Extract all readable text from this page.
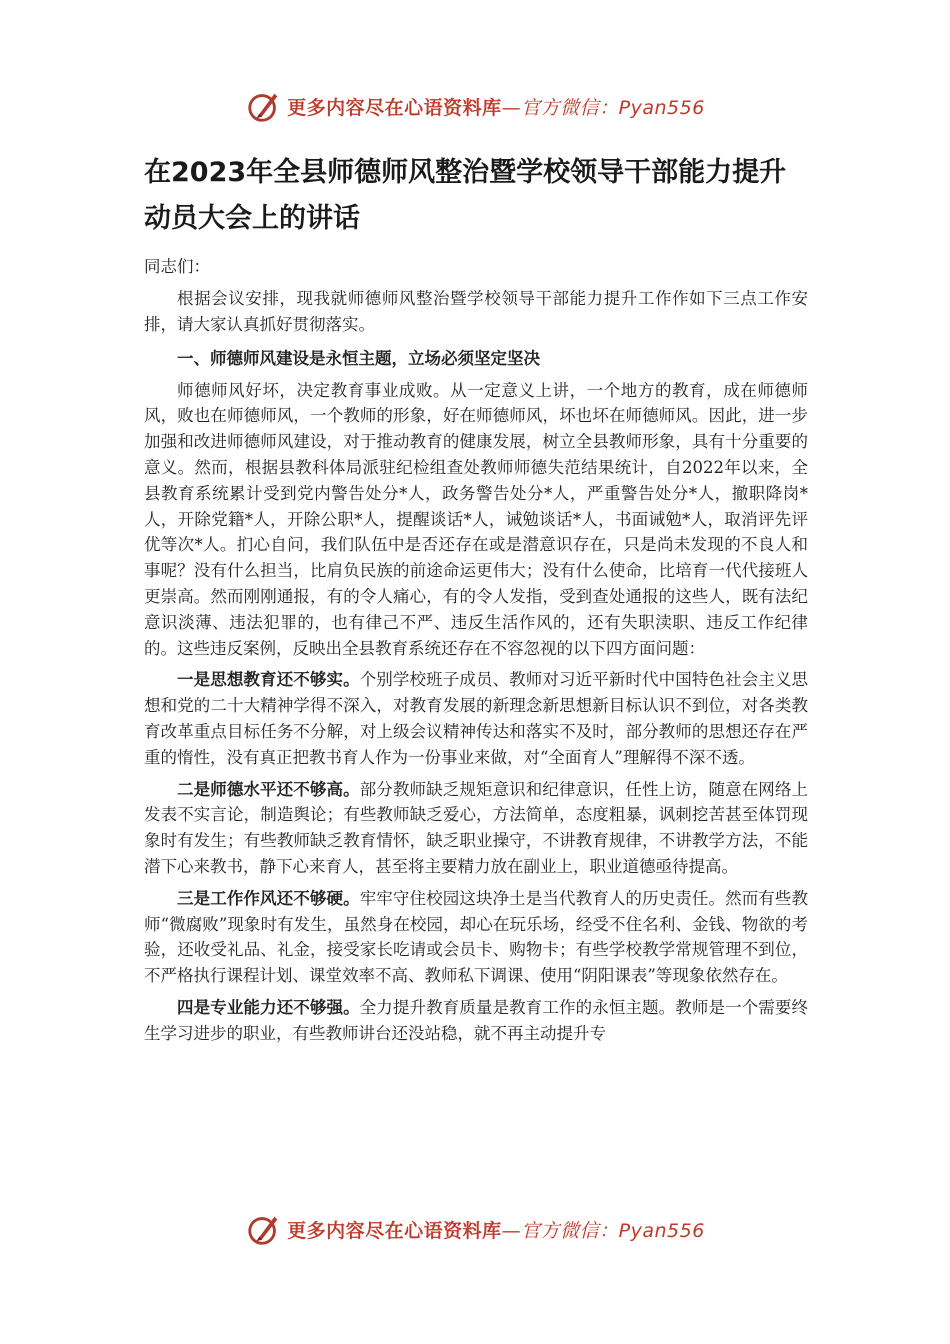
更多内容尽在心语资料库—官方微信：Pyan556
在2023年全县师德师风整治暨学校领导干部能力提升动员大会上的讲话

同志们：

根据会议安排，现我就师德师风整治暨学校领导干部能力提升工作作如下三点工作安排，请大家认真抓好贯彻落实。

一、师德师风建设是永恒主题，立场必须坚定坚决

师德师风好坏，决定教育事业成败。从一定意义上讲，一个地方的教育，成在师德师风，败也在师德师风，一个教师的形象，好在师德师风，坏也坏在师德师风。因此，进一步加强和改进师德师风建设，对于推动教育的健康发展，树立全县教师形象，具有十分重要的意义。然而，根据县教科体局派驻纪检组查处教师师德失范结果统计，自2022年以来，全县教育系统累计受到党内警告处分*人，政务警告处分*人，严重警告处分*人，撤职降岗*人，开除党籍*人，开除公职*人，提醒谈话*人，诫勉谈话*人，书面诫勉*人，取消评先评优等次*人。扪心自问，我们队伍中是否还存在或是潜意识存在，只是尚未发现的不良人和事呢？没有什么担当，比肩负民族的前途命运更伟大；没有什么使命，比培育一代代接班人更崇高。然而刚刚通报，有的令人痛心，有的令人发指，受到查处通报的这些人，既有法纪意识淡薄、违法犯罪的，也有律己不严、违反生活作风的，还有失职渎职、违反工作纪律的。这些违反案例，反映出全县教育系统还存在不容忽视的以下四方面问题：

一是思想教育还不够实。个别学校班子成员、教师对习近平新时代中国特色社会主义思想和党的二十大精神学得不深入，对教育发展的新理念新思想新目标认识不到位，对各类教育改革重点目标任务不分解，对上级会议精神传达和落实不及时，部分教师的思想还存在严重的惰性，没有真正把教书育人作为一份事业来做，对“全面育人”理解得不深不透。

二是师德水平还不够高。部分教师缺乏规矩意识和纪律意识，任性上访，随意在网络上发表不实言论，制造舆论；有些教师缺乏爱心，方法简单，态度粗暴，讽刺挖苦甚至体罚现象时有发生；有些教师缺乏教育情怀，缺乏职业操守，不讲教育规律，不讲教学方法，不能潜下心来教书，静下心来育人，甚至将主要精力放在副业上，职业道德亟待提高。

三是工作作风还不够硬。牢牢守住校园这块净土是当代教育人的历史责任。然而有些教师“微腐败”现象时有发生，虽然身在校园，却心在玩乐场，经受不住名利、金钱、物欲的考验，还收受礼品、礼金，接受家长吃请或会员卡、购物卡；有些学校教学常规管理不到位，不严格执行课程计划、课堂效率不高、教师私下调课、使用“阴阳课表”等现象依然存在。

四是专业能力还不够强。全力提升教育质量是教育工作的永恒主题。教师是一个需要终生学习进步的职业，有些教师讲台还没站稳，就不再主动提升专

更多内容尽在心语资料库—官方微信：Pyan556
